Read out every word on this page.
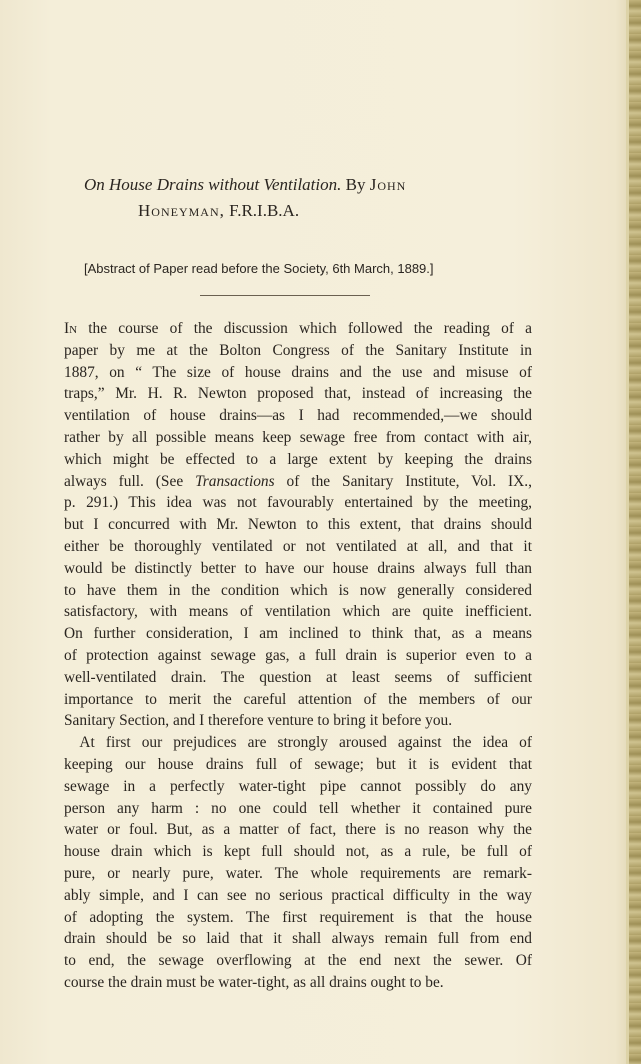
On House Drains without Ventilation. By John
Honeyman, F.R.I.B.A.
[Abstract of Paper read before the Society, 6th March, 1889.]

In the course of the discussion which followed the reading of a
paper by me at the Bolton Congress of the Sanitary Institute in
1887, on “ The size of house drains and the use and misuse of
traps,” Mr. H. R. Newton proposed that, instead of increasing the
ventilation of house drains—as I had recommended,—we should
rather by all possible means keep sewage free from contact with air,
which might be effected to a large extent by keeping the drains
always full. (See Transactions of the Sanitary Institute, Vol. IX.,
p. 291.) This idea was not favourably entertained by the meeting,
but I concurred with Mr. Newton to this extent, that drains should
either be thoroughly ventilated or not ventilated at all, and that it
would be distinctly better to have our house drains always full than
to have them in the condition which is now generally considered
satisfactory, with means of ventilation which are quite inefficient.
On further consideration, I am inclined to think that, as a means
of protection against sewage gas, a full drain is superior even to a
well-ventilated drain. The question at least seems of sufficient
importance to merit the careful attention of the members of our
Sanitary Section, and I therefore venture to bring it before you.

 At first our prejudices are strongly aroused against the idea of
keeping our house drains full of sewage; but it is evident that
sewage in a perfectly water-tight pipe cannot possibly do any
person any harm : no one could tell whether it contained pure
water or foul. But, as a matter of fact, there is no reason why the
house drain which is kept full should not, as a rule, be full of
pure, or nearly pure, water. The whole requirements are remark-
ably simple, and I can see no serious practical difficulty in the way
of adopting the system. The first requirement is that the house
drain should be so laid that it shall always remain full from end
to end, the sewage overflowing at the end next the sewer. Of
course the drain must be water-tight, as all drains ought to be.
